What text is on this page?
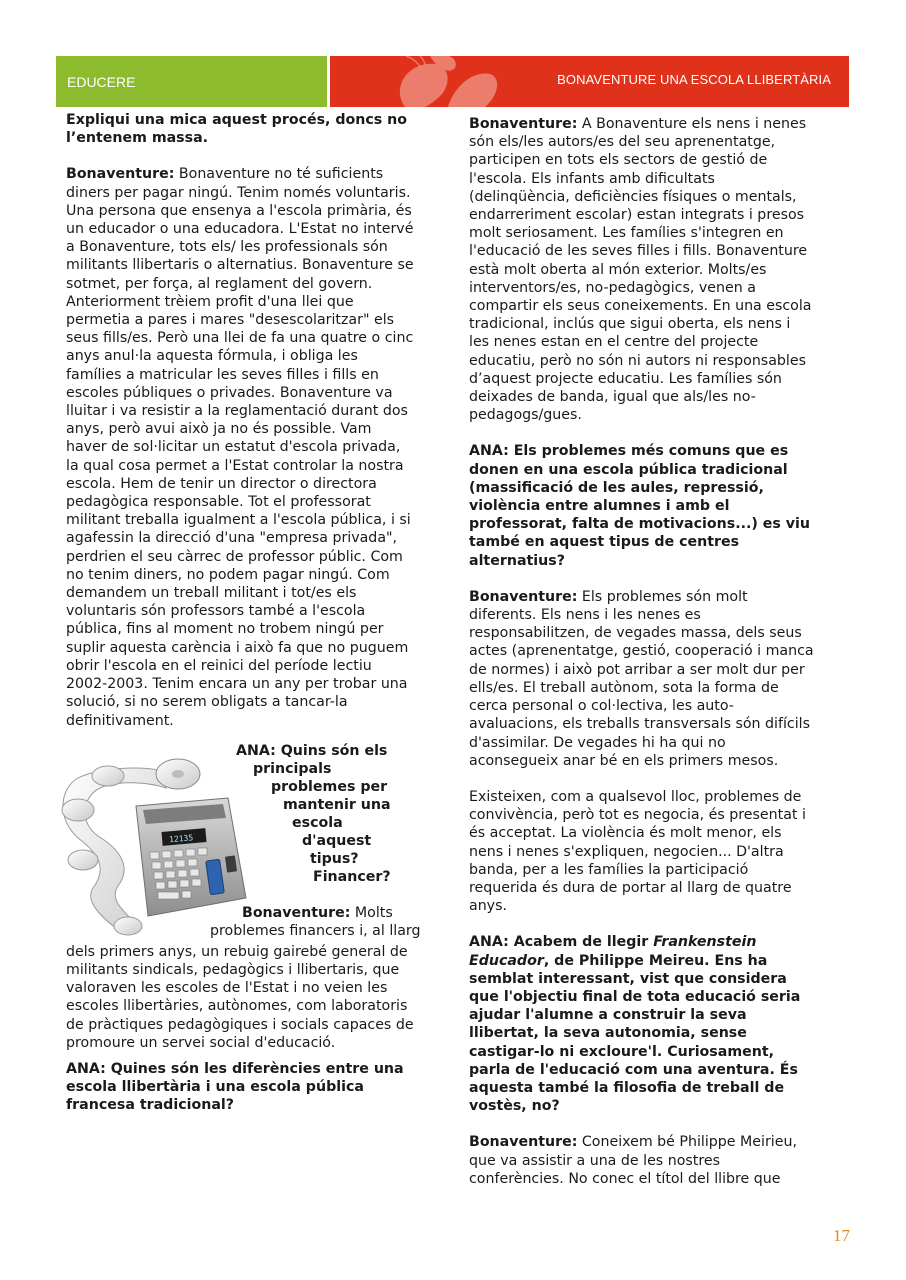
EDUCERE	BONAVENTURE UNA ESCOLA LLIBERTÀRIA

Expliqui una mica aquest procés, doncs no l’entenem massa.

Bonaventure: Bonaventure no té suficients diners per pagar ningú. Tenim només voluntaris. Una persona que ensenya a l'escola primària, és un educador o una educadora. L'Estat no intervé a Bonaventure, tots els/ les professionals són militants llibertaris o alternatius. Bonaventure se sotmet, per força, al reglament del govern. Anteriorment trèiem profit d'una llei que permetia a pares i mares "desescolaritzar" els seus fills/es. Però una llei de fa una quatre o cinc anys anul·la aquesta fórmula, i obliga les famílies a matricular les seves filles i fills en escoles públiques o privades. Bonaventure va lluitar i va resistir a la reglamentació durant dos anys, però avui això ja no és possible. Vam haver de sol·licitar un estatut d'escola privada, la qual cosa permet a l'Estat controlar la nostra escola. Hem de tenir un director o directora pedagògica responsable. Tot el professorat militant treballa igualment a l'escola pública, i si agafessin la direcció d'una "empresa privada", perdrien el seu càrrec de professor públic. Com no tenim diners, no podem pagar ningú. Com demandem un treball militant i tot/es els voluntaris són professors també a l'escola pública, fins al moment no trobem ningú per suplir aquesta carència i això fa que no puguem obrir l'escola en el reinici del període lectiu 2002-2003. Tenim encara un any per trobar una solució, si no serem obligats a tancar-la definitivament.

12135
ANA: Quins són els
principals
problemes per
mantenir una
escola
d'aquest
tipus?
Financer?
Bonaventure: Molts
problemes financers i, al llarg

dels primers anys, un rebuig gairebé general de militants sindicals, pedagògics i llibertaris, que valoraven les escoles de l'Estat i no veien les escoles llibertàries, autònomes, com laboratoris de pràctiques pedagògiques i socials capaces de promoure un servei social d'educació.

ANA: Quines són les diferències entre una escola llibertària i una escola pública francesa tradicional?

Bonaventure: A Bonaventure els nens i nenes són els/les autors/es del seu aprenentatge, participen en tots els sectors de gestió de l'escola. Els infants amb dificultats (delinqüència, deficiències físiques o mentals, endarreriment escolar) estan integrats i presos molt seriosament. Les famílies s'integren en l'educació de les seves filles i fills. Bonaventure està molt oberta al món exterior. Molts/es interventors/es, no-pedagògics, venen a compartir els seus coneixements. En una escola tradicional, inclús que sigui oberta, els nens i les nenes estan en el centre del projecte educatiu, però no són ni autors ni responsables d’aquest projecte educatiu. Les famílies són deixades de banda, igual que als/les no-pedagogs/gues.

ANA: Els problemes més comuns que es donen en una escola pública tradicional (massificació de les aules, repressió, violència entre alumnes i amb el professorat, falta de motivacions...) es viu també en aquest tipus de centres alternatius?

Bonaventure: Els problemes són molt diferents. Els nens i les nenes es responsabilitzen, de vegades massa, dels seus actes (aprenentatge, gestió, cooperació i manca de normes) i això pot arribar a ser molt dur per ells/es. El treball autònom, sota la forma de cerca personal o col·lectiva, les auto-avaluacions, els treballs transversals són difícils d'assimilar. De vegades hi ha qui no aconsegueix anar bé en els primers mesos.

Existeixen, com a qualsevol lloc, problemes de convivència, però tot es negocia, és presentat i és acceptat. La violència és molt menor, els nens i nenes s'expliquen, negocien... D'altra banda, per a les famílies la participació requerida és dura de portar al llarg de quatre anys.

ANA: Acabem de llegir Frankenstein Educador, de Philippe Meireu. Ens ha semblat interessant, vist que considera que l'objectiu final de tota educació seria ajudar l'alumne a construir la seva llibertat, la seva autonomia, sense castigar-lo ni excloure'l. Curiosament, parla de l'educació com una aventura. És aquesta també la filosofia de treball de vostès, no?

Bonaventure: Coneixem bé Philippe Meirieu, que va assistir a una de les nostres conferències. No conec el títol del llibre que

17
